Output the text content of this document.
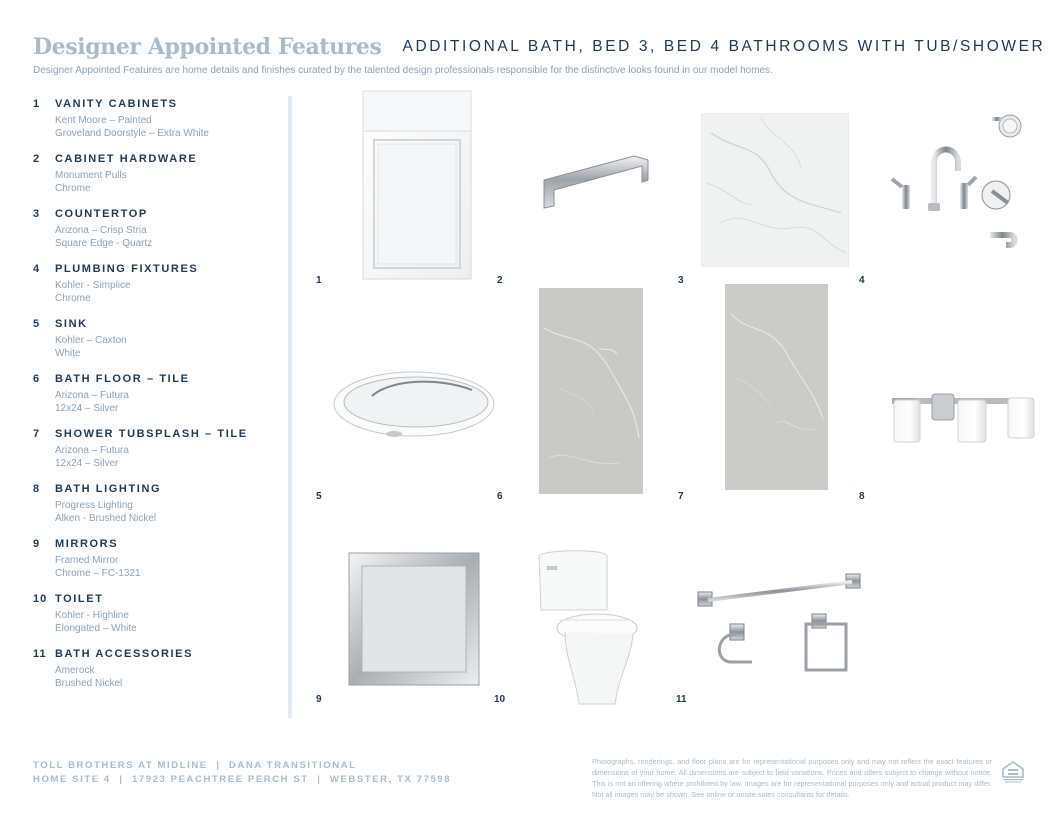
Designer Appointed Features ADDITIONAL BATH, BED 3, BED 4 BATHROOMS WITH TUB/SHOWER
Designer Appointed Features are home details and finishes curated by the talented design professionals responsible for the distinctive looks found in our model homes.
1	VANITY CABINETS
Kent Moore – Painted
Groveland Doorstyle – Extra White
2	CABINET HARDWARE
Monument Pulls
Chrome
3	COUNTERTOP
Arizona – Crisp Stria
Square Edge - Quartz
4	PLUMBING FIXTURES
Kohler - Simplice
Chrome
5	SINK
Kohler – Caxton
White
6	BATH FLOOR – TILE
Arizona – Futura
12x24 – Silver
7	SHOWER TUBSPLASH – TILE
Arizona – Futura
12x24 – Silver
8	BATH LIGHTING
Progress Lighting
Alken - Brushed Nickel
9	MIRRORS
Framed Mirror
Chrome – FC-1321
10 TOILET
Kohler - Highline
Elongated – White
11 BATH ACCESSORIES
Amerock
Brushed Nickel
1	2	3	4
5	6	7	8
9	10	11
TOLL BROTHERS AT MIDLINE  |  DANA TRANSITIONAL
HOME SITE 4  |  17923 PEACHTREE PERCH ST  |  WEBSTER, TX 77598
Photographs, renderings, and floor plans are for representational purposes only and may not reflect the exact features or dimensions of your home. All dimensions are subject to field variations. Prices and offers subject to change without notice. This is not an offering where prohibited by law. Images are for representational purposes only and actual product may differ. Not all images may be shown. See online or onsite sales consultants for details.
